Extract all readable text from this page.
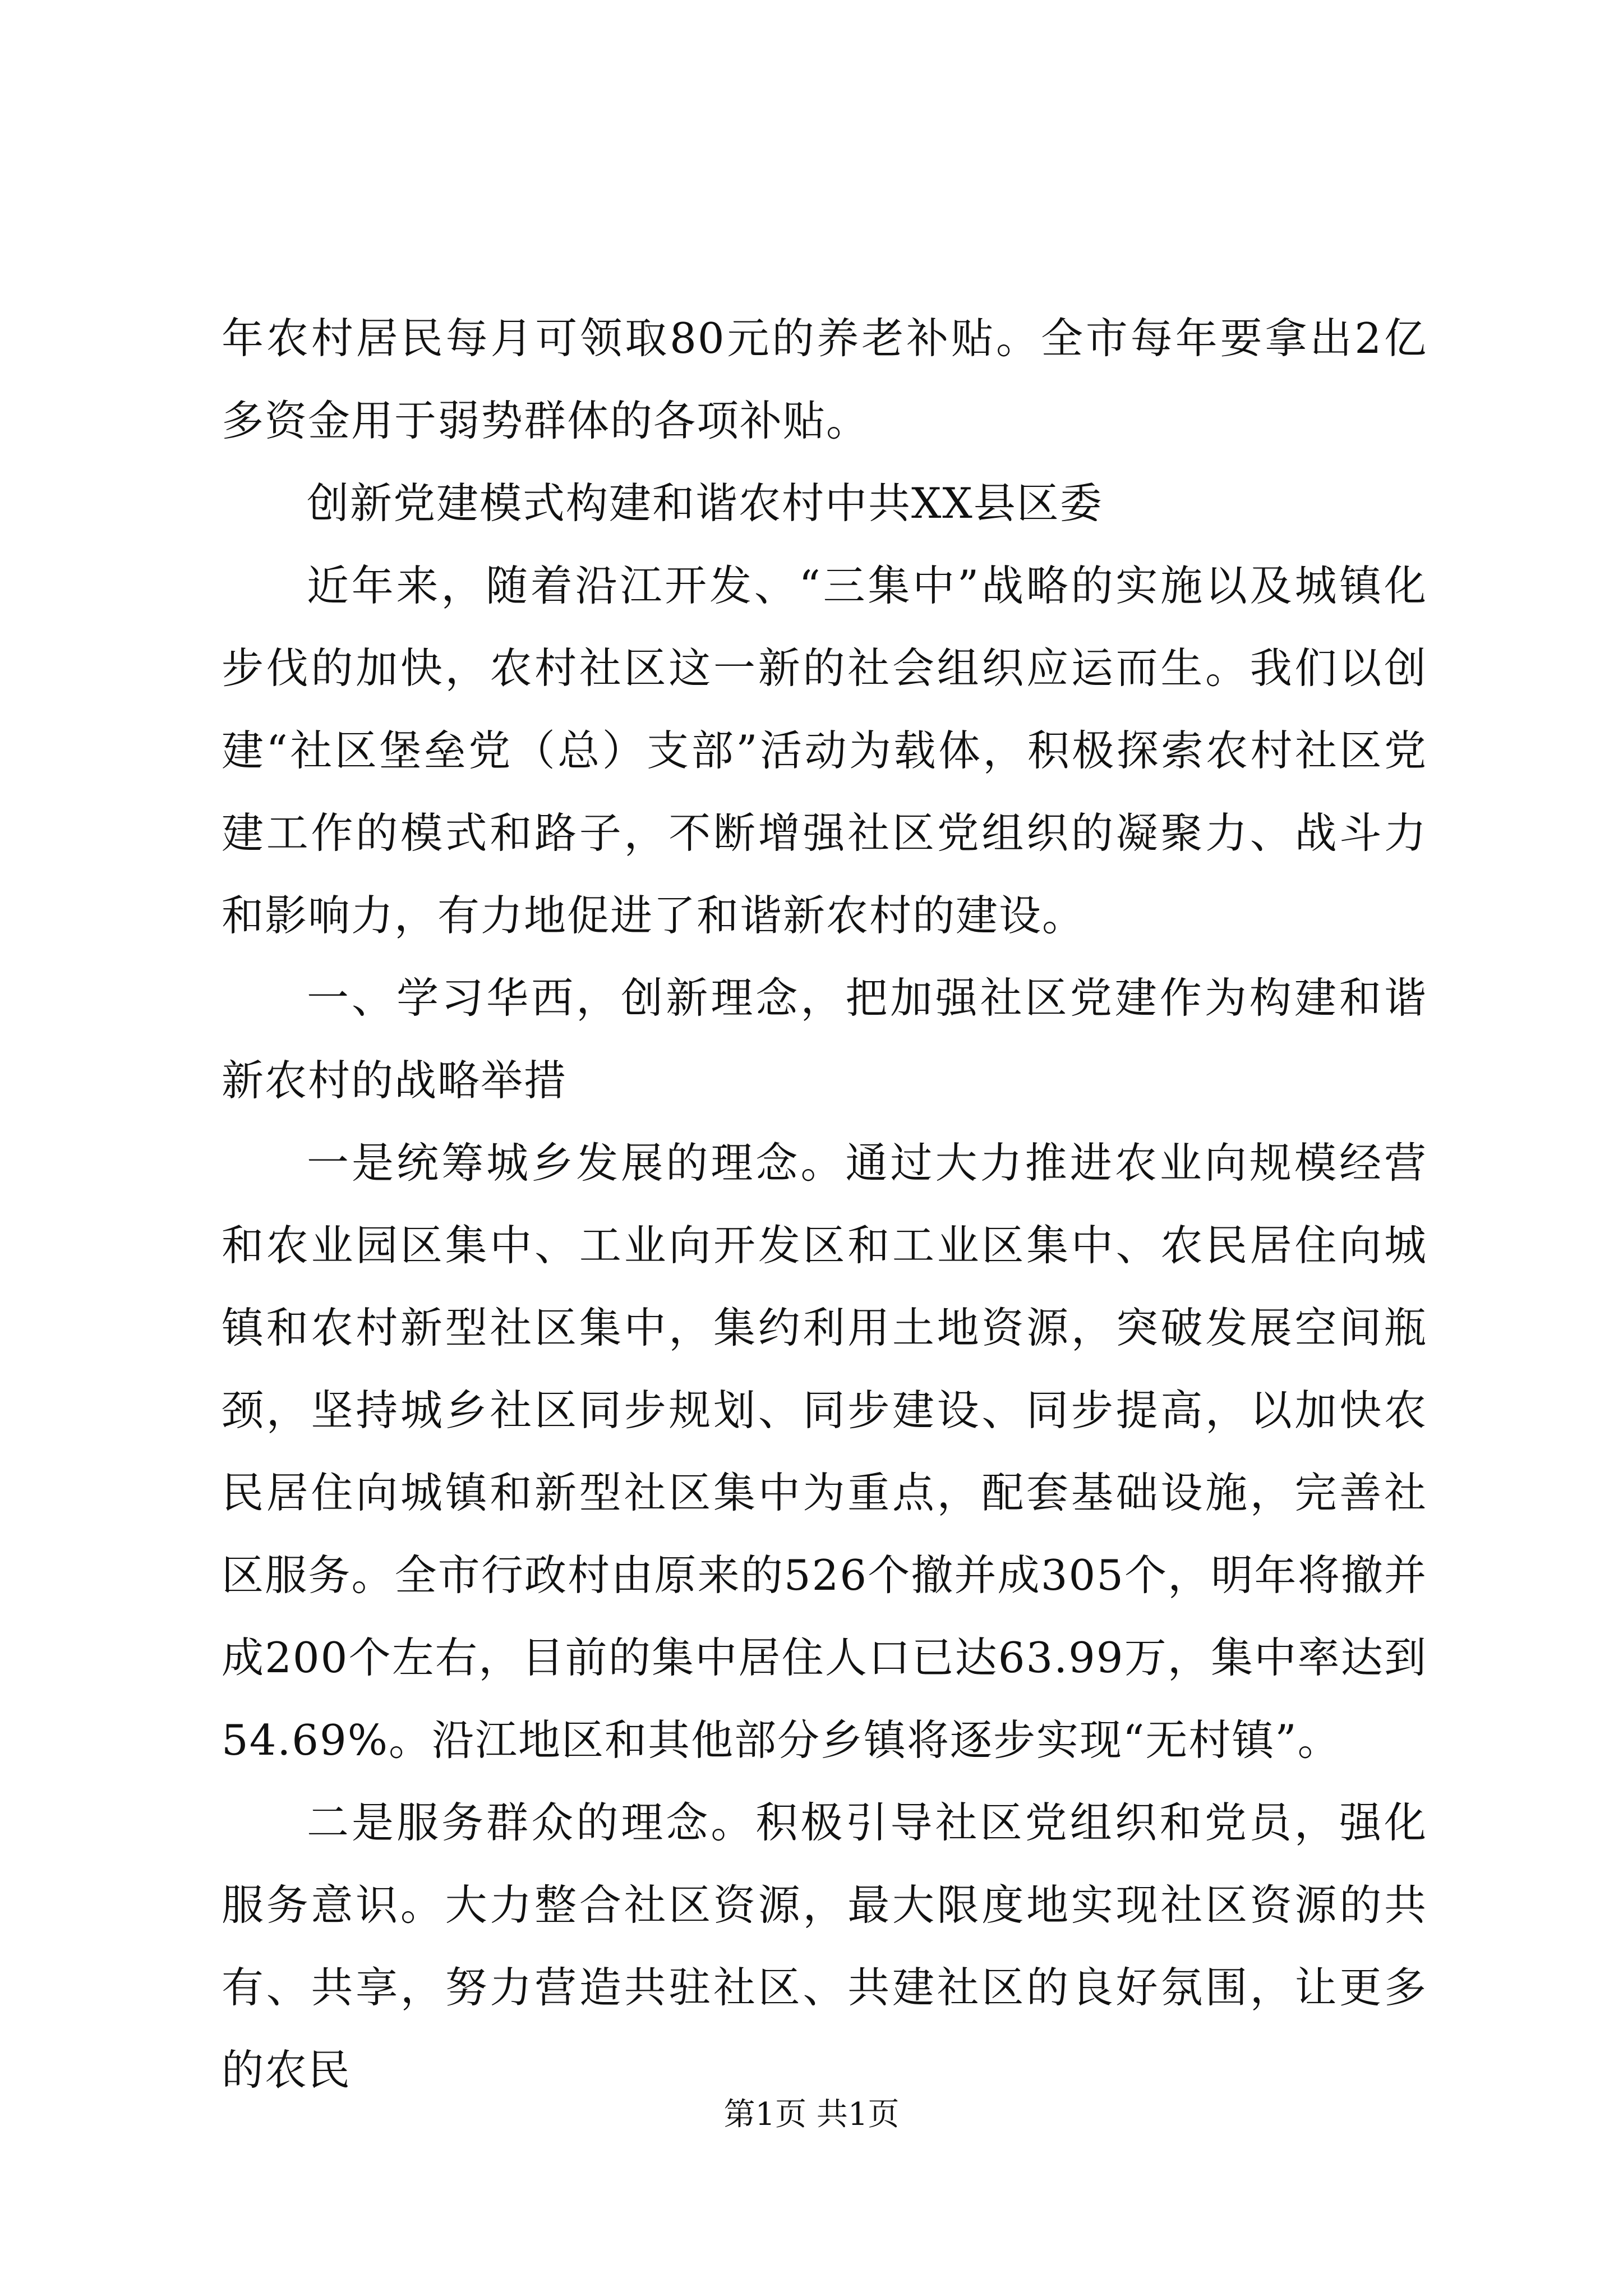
年农村居民每月可领取80元的养老补贴。全市每年要拿出2亿多资金用于弱势群体的各项补贴。

创新党建模式构建和谐农村中共XX县区委

近年来，随着沿江开发、“三集中”战略的实施以及城镇化步伐的加快，农村社区这一新的社会组织应运而生。我们以创建“社区堡垒党（总）支部”活动为载体，积极探索农村社区党建工作的模式和路子，不断增强社区党组织的凝聚力、战斗力和影响力，有力地促进了和谐新农村的建设。

一、学习华西，创新理念，把加强社区党建作为构建和谐新农村的战略举措

一是统筹城乡发展的理念。通过大力推进农业向规模经营和农业园区集中、工业向开发区和工业区集中、农民居住向城镇和农村新型社区集中，集约利用土地资源，突破发展空间瓶颈，坚持城乡社区同步规划、同步建设、同步提高，以加快农民居住向城镇和新型社区集中为重点，配套基础设施，完善社区服务。全市行政村由原来的526个撤并成305个，明年将撤并成200个左右，目前的集中居住人口已达63.99万，集中率达到54.69%。沿江地区和其他部分乡镇将逐步实现“无村镇”。

二是服务群众的理念。积极引导社区党组织和党员，强化服务意识。大力整合社区资源，最大限度地实现社区资源的共有、共享，努力营造共驻社区、共建社区的良好氛围，让更多的农民

第1页 共1页
